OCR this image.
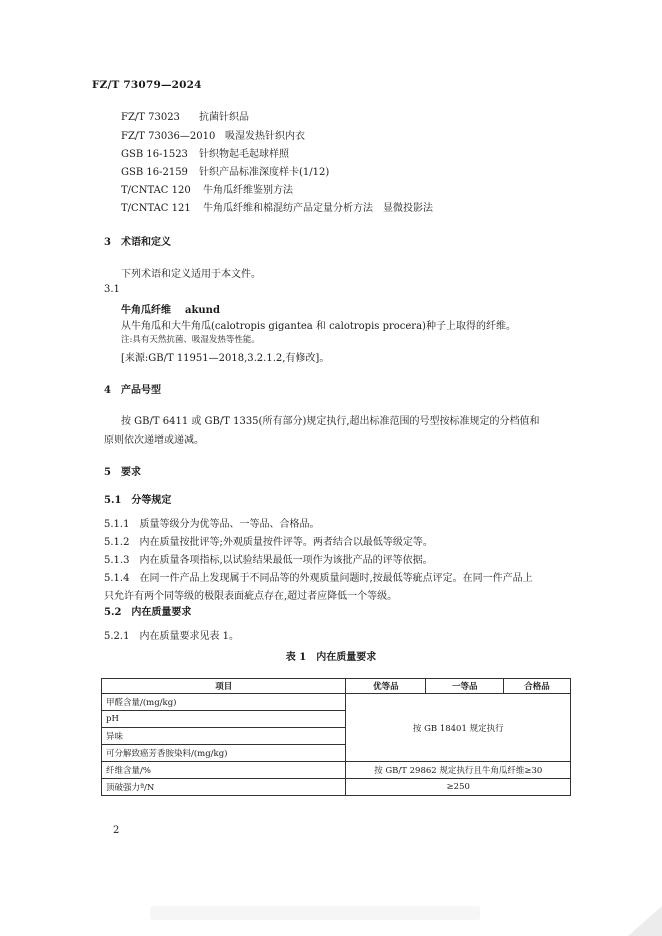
FZ/T 73079—2024
FZ/T 73023 抗菌针织品
FZ/T 73036—2010 吸湿发热针织内衣
GSB 16-1523 针织物起毛起球样照
GSB 16-2159 针织产品标准深度样卡(1/12)
T/CNTAC 120 牛角瓜纤维鉴别方法
T/CNTAC 121 牛角瓜纤维和棉混纺产品定量分析方法　显微投影法
3　术语和定义
下列术语和定义适用于本文件。
3.1
牛角瓜纤维 akund
从牛角瓜和大牛角瓜(calotropis gigantea 和 calotropis procera)种子上取得的纤维。
注:具有天然抗菌、吸湿发热等性能。
[来源:GB/T 11951—2018,3.2.1.2,有修改]。
4　产品号型
按 GB/T 6411 或 GB/T 1335(所有部分)规定执行,超出标准范围的号型按标准规定的分档值和
原则依次递增或递减。
5　要求
5.1　分等规定
5.1.1　质量等级分为优等品、一等品、合格品。
5.1.2　内在质量按批评等;外观质量按件评等。两者结合以最低等级定等。
5.1.3　内在质量各项指标,以试验结果最低一项作为该批产品的评等依据。
5.1.4　在同一件产品上发现属于不同品等的外观质量问题时,按最低等疵点评定。在同一件产品上
只允许有两个同等级的极限表面疵点存在,超过者应降低一个等级。
5.2　内在质量要求
5.2.1　内在质量要求见表 1。
表 1　内在质量要求
项目	优等品	一等品	合格品
甲醛含量/(mg/kg)	按 GB 18401 规定执行		
pH			
异味			
可分解致癌芳香胺染料/(mg/kg)			
纤维含量/%	按 GB/T 29862 规定执行且牛角瓜纤维≥30		
顶破强力ª/N	≥250		
2
